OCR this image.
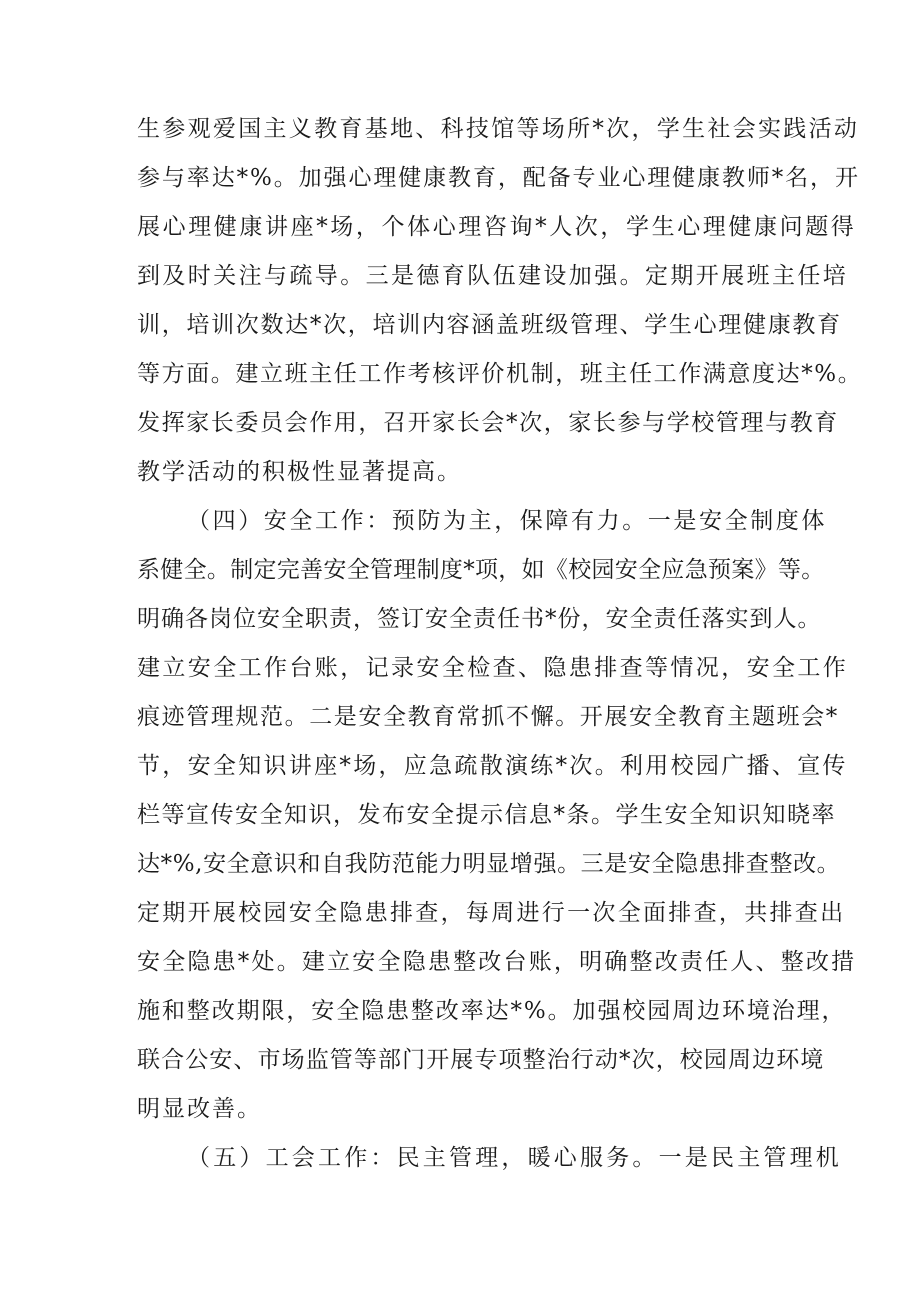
生参观爱国主义教育基地、科技馆等场所*次，学生社会实践活动
参与率达*%。加强心理健康教育，配备专业心理健康教师*名，开
展心理健康讲座*场，个体心理咨询*人次，学生心理健康问题得
到及时关注与疏导。三是德育队伍建设加强。定期开展班主任培
训，培训次数达*次，培训内容涵盖班级管理、学生心理健康教育
等方面。建立班主任工作考核评价机制，班主任工作满意度达*%。
发挥家长委员会作用，召开家长会*次，家长参与学校管理与教育
教学活动的积极性显著提高。
（四）安全工作：预防为主，保障有力。一是安全制度体
系健全。制定完善安全管理制度*项，如《校园安全应急预案》等。
明确各岗位安全职责，签订安全责任书*份，安全责任落实到人。
建立安全工作台账，记录安全检查、隐患排查等情况，安全工作
痕迹管理规范。二是安全教育常抓不懈。开展安全教育主题班会*
节，安全知识讲座*场，应急疏散演练*次。利用校园广播、宣传
栏等宣传安全知识，发布安全提示信息*条。学生安全知识知晓率
达*%,安全意识和自我防范能力明显增强。三是安全隐患排查整改。
定期开展校园安全隐患排查，每周进行一次全面排查，共排查出
安全隐患*处。建立安全隐患整改台账，明确整改责任人、整改措
施和整改期限，安全隐患整改率达*%。加强校园周边环境治理，
联合公安、市场监管等部门开展专项整治行动*次，校园周边环境
明显改善。
（五）工会工作：民主管理，暖心服务。一是民主管理机
